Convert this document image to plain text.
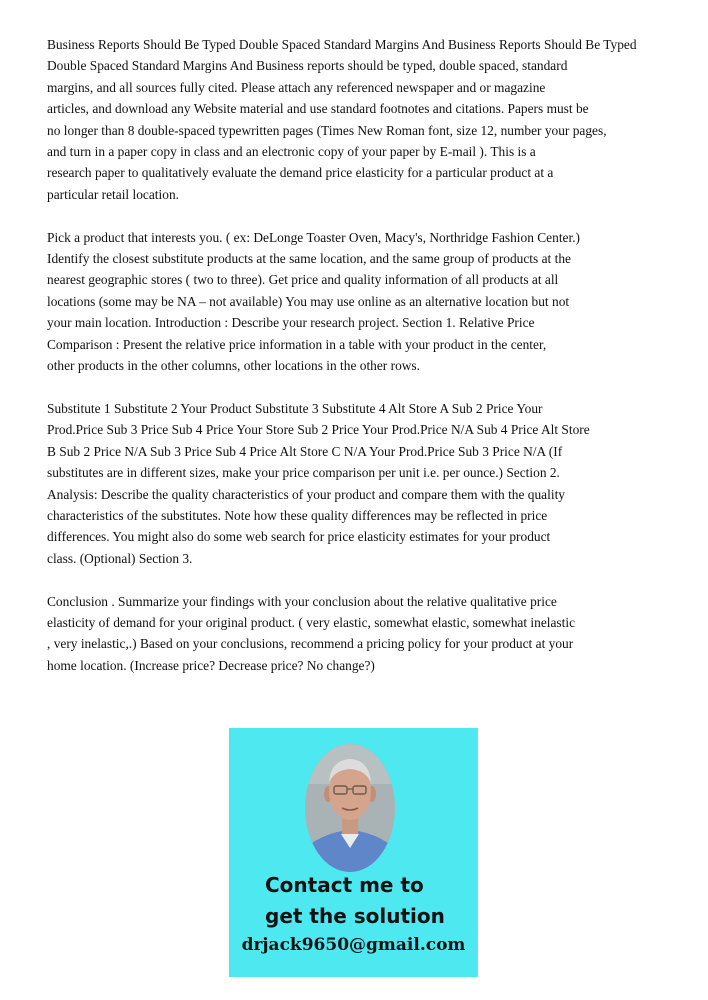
Business Reports Should Be Typed Double Spaced Standard Margins And Business Reports Should Be Typed
Double Spaced Standard Margins And Business reports should be typed, double spaced, standard
margins, and all sources fully cited. Please attach any referenced newspaper and or magazine
articles, and download any Website material and use standard footnotes and citations. Papers must be
no longer than 8 double-spaced typewritten pages (Times New Roman font, size 12, number your pages,
and turn in a paper copy in class and an electronic copy of your paper by E-mail ). This is a
research paper to qualitatively evaluate the demand price elasticity for a particular product at a
particular retail location.

Pick a product that interests you. ( ex: DeLonge Toaster Oven, Macy's, Northridge Fashion Center.)
Identify the closest substitute products at the same location, and the same group of products at the
nearest geographic stores ( two to three). Get price and quality information of all products at all
locations (some may be NA – not available) You may use online as an alternative location but not
your main location. Introduction : Describe your research project. Section 1. Relative Price
Comparison : Present the relative price information in a table with your product in the center,
other products in the other columns, other locations in the other rows.

Substitute 1 Substitute 2 Your Product Substitute 3 Substitute 4 Alt Store A Sub 2 Price Your
Prod.Price Sub 3 Price Sub 4 Price Your Store Sub 2 Price Your Prod.Price N/A Sub 4 Price Alt Store
B Sub 2 Price N/A Sub 3 Price Sub 4 Price Alt Store C N/A Your Prod.Price Sub 3 Price N/A (If
substitutes are in different sizes, make your price comparison per unit i.e. per ounce.) Section 2.
Analysis: Describe the quality characteristics of your product and compare them with the quality
characteristics of the substitutes. Note how these quality differences may be reflected in price
differences. You might also do some web search for price elasticity estimates for your product
class. (Optional) Section 3.

Conclusion . Summarize your findings with your conclusion about the relative qualitative price
elasticity of demand for your original product. ( very elastic, somewhat elastic, somewhat inelastic
, very inelastic,.) Based on your conclusions, recommend a pricing policy for your product at your
home location. (Increase price? Decrease price? No change?)

Contact me to
get the solution
drjack9650@gmail.com
